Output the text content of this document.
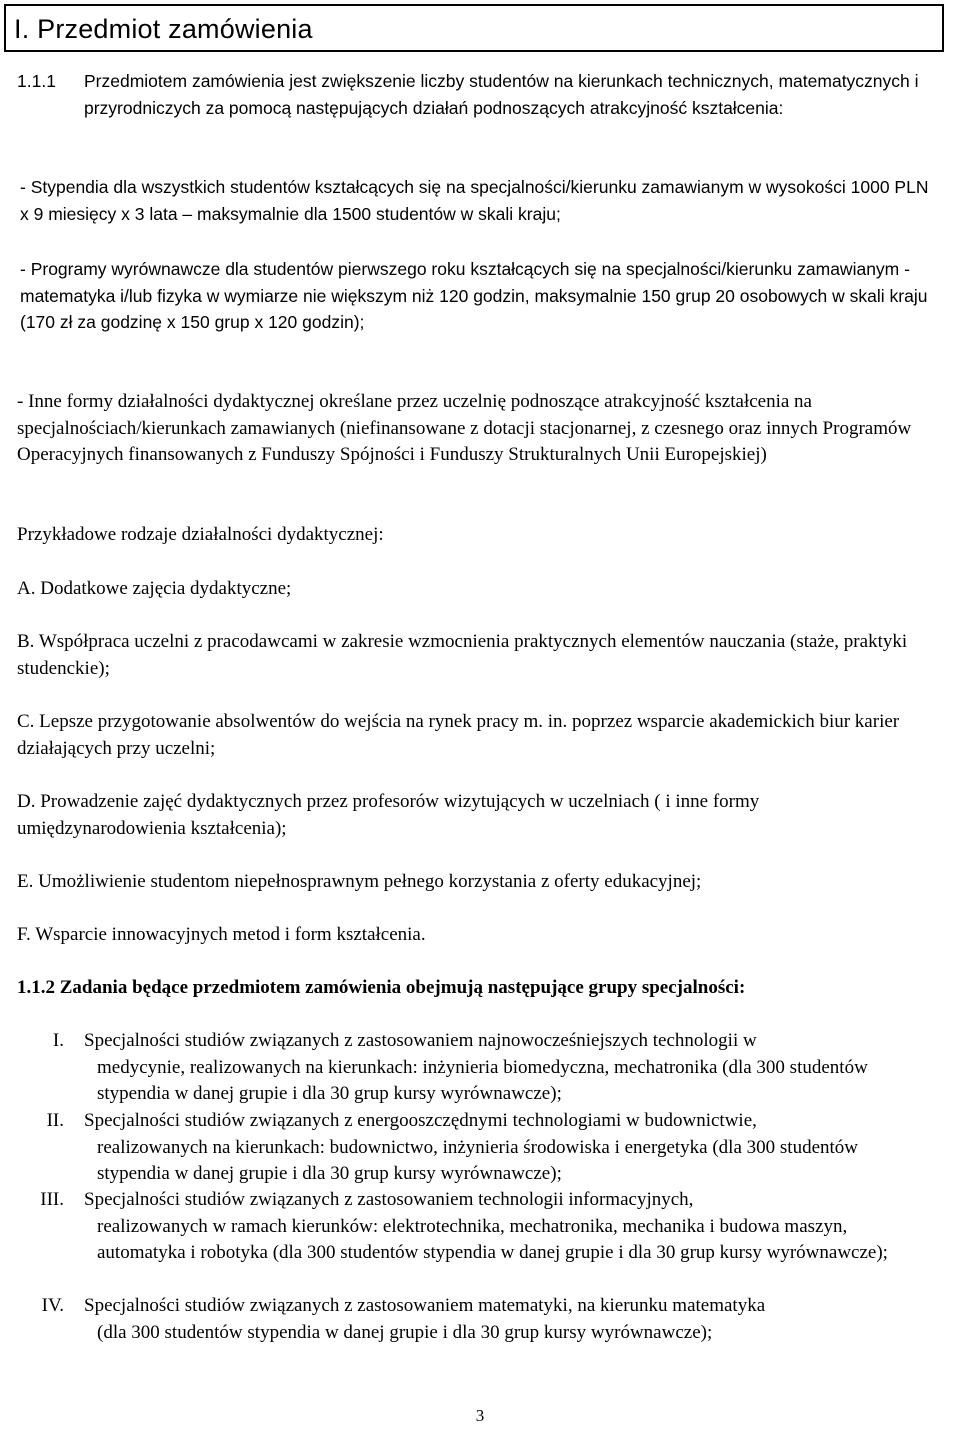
I. Przedmiot zamówienia
1.1.1 Przedmiotem zamówienia jest zwiększenie liczby studentów na kierunkach technicznych, matematycznych i przyrodniczych za pomocą następujących działań podnoszących atrakcyjność kształcenia:
- Stypendia dla wszystkich studentów kształcących się na specjalności/kierunku zamawianym w wysokości 1000 PLN x 9 miesięcy x 3 lata – maksymalnie dla 1500 studentów w skali kraju;
- Programy wyrównawcze dla studentów pierwszego roku kształcących się na specjalności/kierunku zamawianym - matematyka i/lub fizyka w wymiarze nie większym niż 120 godzin, maksymalnie 150 grup 20 osobowych w skali kraju (170 zł za godzinę x 150 grup x 120 godzin);
- Inne formy działalności dydaktycznej określane przez uczelnię podnoszące atrakcyjność kształcenia na specjalnościach/kierunkach zamawianych (niefinansowane z dotacji stacjonarnej, z czesnego oraz innych Programów Operacyjnych finansowanych z Funduszy Spójności i Funduszy Strukturalnych Unii Europejskiej)
Przykładowe rodzaje działalności dydaktycznej:
A. Dodatkowe zajęcia dydaktyczne;
B. Współpraca uczelni z pracodawcami w zakresie wzmocnienia praktycznych elementów nauczania (staże, praktyki studenckie);
C. Lepsze przygotowanie absolwentów do wejścia na rynek pracy m. in. poprzez wsparcie akademickich biur karier działających przy uczelni;
D. Prowadzenie zajęć dydaktycznych przez profesorów wizytujących w uczelniach ( i inne formy umiędzynarodowienia kształcenia);
E. Umożliwienie studentom niepełnosprawnym pełnego korzystania z oferty edukacyjnej;
F. Wsparcie innowacyjnych metod i form kształcenia.
1.1.2 Zadania będące przedmiotem zamówienia obejmują następujące grupy specjalności:
I. Specjalności studiów związanych z zastosowaniem najnowocześniejszych technologii w
medycynie, realizowanych na kierunkach: inżynieria biomedyczna, mechatronika (dla 300 studentów stypendia w danej grupie i dla 30 grup kursy wyrównawcze);
II. Specjalności studiów związanych z energooszczędnymi technologiami w budownictwie,
realizowanych na kierunkach: budownictwo, inżynieria środowiska i energetyka (dla 300 studentów stypendia w danej grupie i dla 30 grup kursy wyrównawcze);
III. Specjalności studiów związanych z zastosowaniem technologii informacyjnych,
realizowanych w ramach kierunków: elektrotechnika, mechatronika, mechanika i budowa maszyn, automatyka i robotyka (dla 300 studentów stypendia w danej grupie i dla 30 grup kursy wyrównawcze);
IV. Specjalności studiów związanych z zastosowaniem matematyki, na kierunku matematyka
(dla 300 studentów stypendia w danej grupie i dla 30 grup kursy wyrównawcze);
3
